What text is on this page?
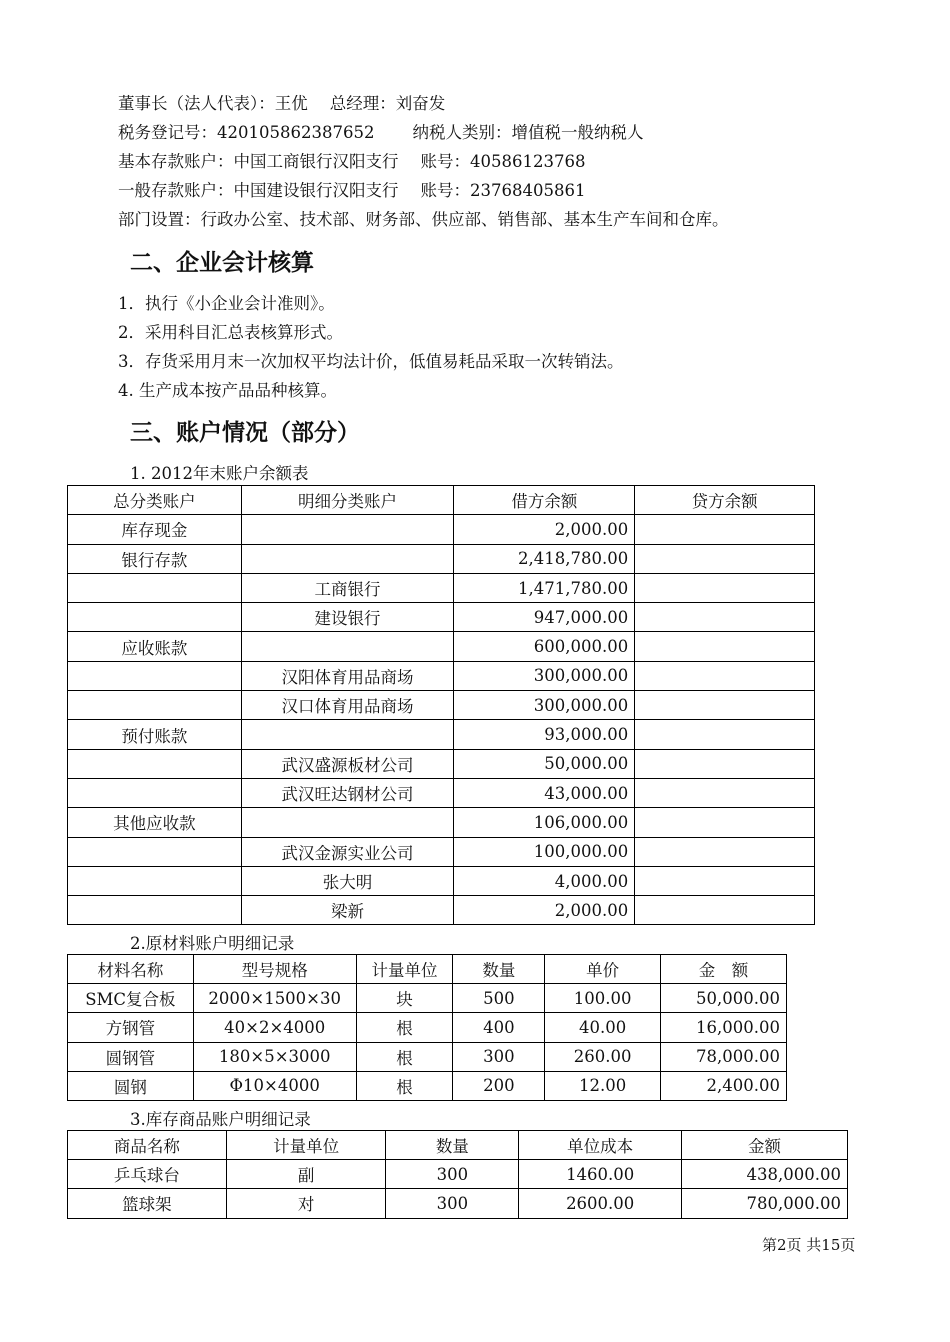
董事长（法人代表）：王优 总经理：刘奋发
税务登记号：420105862387652 纳税人类别：增值税一般纳税人
基本存款账户：中国工商银行汉阳支行 账号：40586123768
一般存款账户：中国建设银行汉阳支行 账号：23768405861
部门设置：行政办公室、技术部、财务部、供应部、销售部、基本生产车间和仓库。
二、企业会计核算
1．执行《小企业会计准则》。
2．采用科目汇总表核算形式。
3．存货采用月末一次加权平均法计价，低值易耗品采取一次转销法。
4. 生产成本按产品品种核算。
三、账户情况（部分）
1. 2012年末账户余额表
总分类账户	明细分类账户	借方余额	贷方余额
库存现金		2,000.00	
银行存款		2,418,780.00	
	工商银行	1,471,780.00	
	建设银行	947,000.00	
应收账款		600,000.00	
	汉阳体育用品商场	300,000.00	
	汉口体育用品商场	300,000.00	
预付账款		93,000.00	
	武汉盛源板材公司	50,000.00	
	武汉旺达钢材公司	43,000.00	
其他应收款		106,000.00	
	武汉金源实业公司	100,000.00	
	张大明	4,000.00	
	梁新	2,000.00	
2.原材料账户明细记录
材料名称	型号规格	计量单位	数量	单价	金　额
SMC复合板	2000×1500×30	块	500	100.00	50,000.00
方钢管	40×2×4000	根	400	40.00	16,000.00
圆钢管	180×5×3000	根	300	260.00	78,000.00
圆钢	Φ10×4000	根	200	12.00	2,400.00
3.库存商品账户明细记录
商品名称	计量单位	数量	单位成本	金额
乒乓球台	副	300	1460.00	438,000.00
篮球架	对	300	2600.00	780,000.00
第2页 共15页
